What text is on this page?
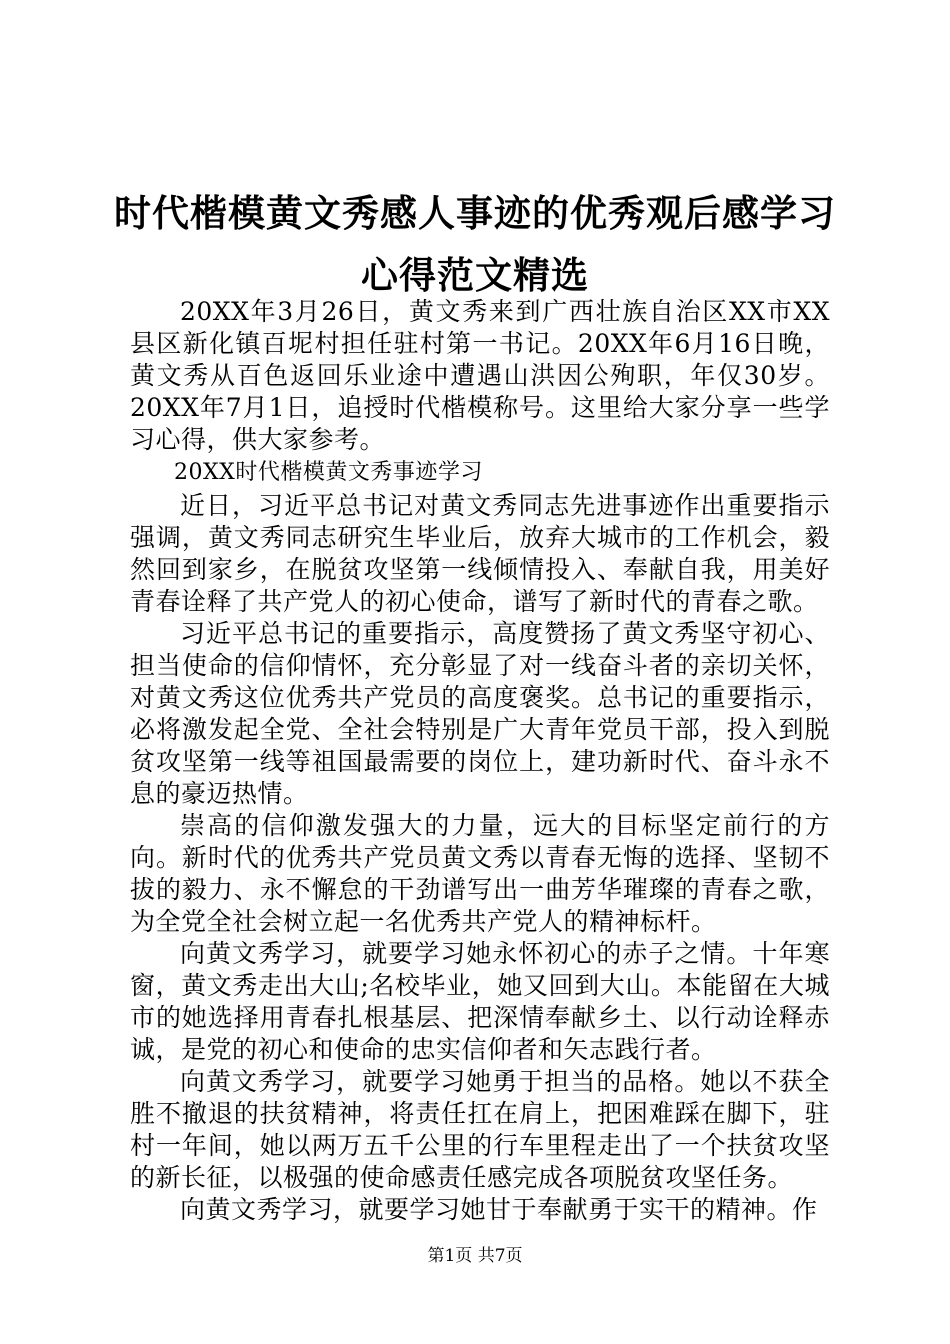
时代楷模黄文秀感人事迹的优秀观后感学习心得范文精选

20XX年3月26日，黄文秀来到广西壮族自治区XX市XX县区新化镇百坭村担任驻村第一书记。20XX年6月16日晚，黄文秀从百色返回乐业途中遭遇山洪因公殉职，年仅30岁。20XX年7月1日，追授时代楷模称号。这里给大家分享一些学习心得，供大家参考。

20XX时代楷模黄文秀事迹学习

近日，习近平总书记对黄文秀同志先进事迹作出重要指示强调，黄文秀同志研究生毕业后，放弃大城市的工作机会，毅然回到家乡，在脱贫攻坚第一线倾情投入、奉献自我，用美好青春诠释了共产党人的初心使命，谱写了新时代的青春之歌。

习近平总书记的重要指示，高度赞扬了黄文秀坚守初心、担当使命的信仰情怀，充分彰显了对一线奋斗者的亲切关怀，对黄文秀这位优秀共产党员的高度褒奖。总书记的重要指示，必将激发起全党、全社会特别是广大青年党员干部，投入到脱贫攻坚第一线等祖国最需要的岗位上，建功新时代、奋斗永不息的豪迈热情。

崇高的信仰激发强大的力量，远大的目标坚定前行的方向。新时代的优秀共产党员黄文秀以青春无悔的选择、坚韧不拔的毅力、永不懈怠的干劲谱写出一曲芳华璀璨的青春之歌，为全党全社会树立起一名优秀共产党人的精神标杆。

向黄文秀学习，就要学习她永怀初心的赤子之情。十年寒窗，黄文秀走出大山;名校毕业，她又回到大山。本能留在大城市的她选择用青春扎根基层、把深情奉献乡土、以行动诠释赤诚，是党的初心和使命的忠实信仰者和矢志践行者。

向黄文秀学习，就要学习她勇于担当的品格。她以不获全胜不撤退的扶贫精神，将责任扛在肩上，把困难踩在脚下，驻村一年间，她以两万五千公里的行车里程走出了一个扶贫攻坚的新长征，以极强的使命感责任感完成各项脱贫攻坚任务。

向黄文秀学习，就要学习她甘于奉献勇于实干的精神。作

第1页 共7页
